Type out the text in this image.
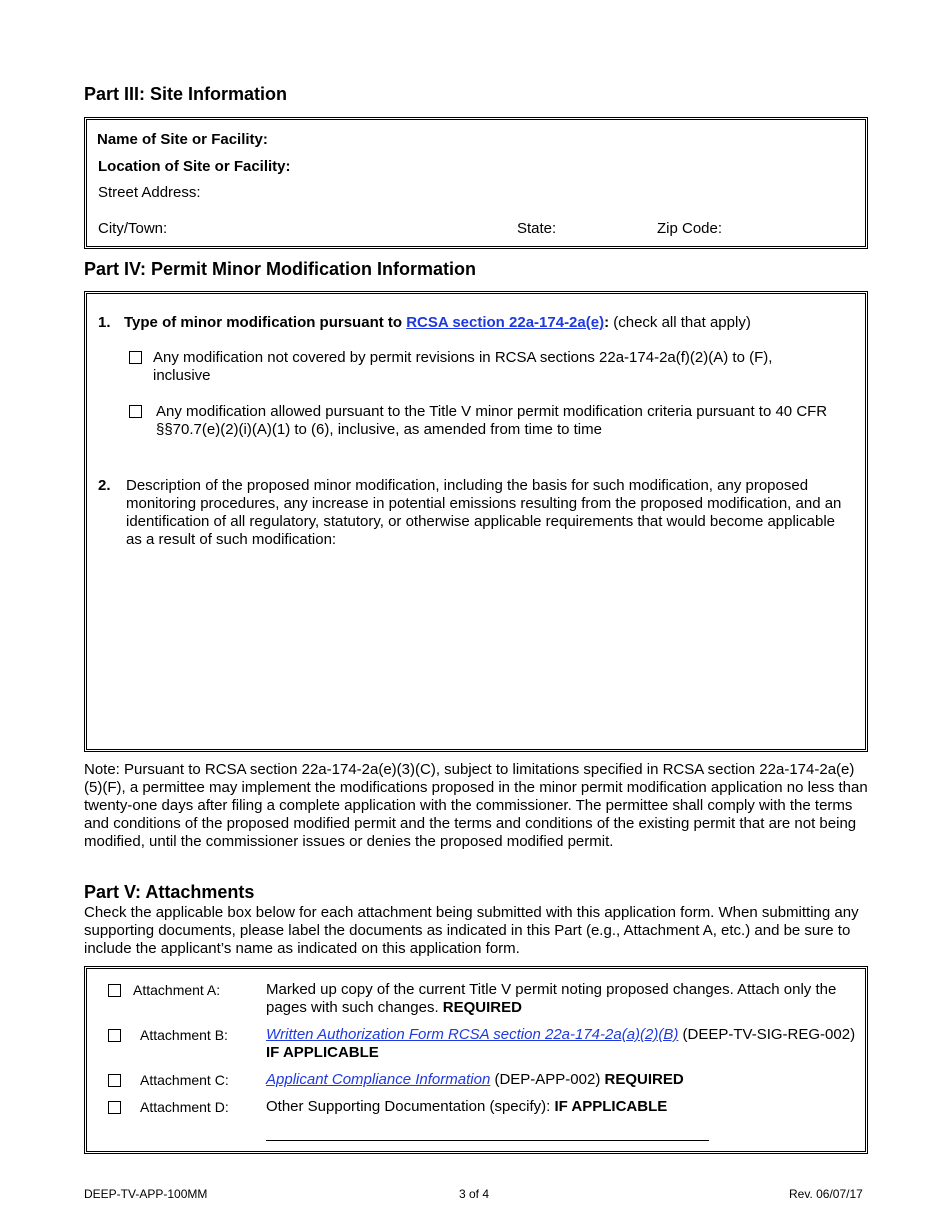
Part III: Site Information
Name of Site or Facility:
Location of Site or Facility:
Street Address:
City/Town:	State:	Zip Code:
Part IV: Permit Minor Modification Information
1. Type of minor modification pursuant to RCSA section 22a-174-2a(e): (check all that apply)
Any modification not covered by permit revisions in RCSA sections 22a-174-2a(f)(2)(A) to (F), inclusive
Any modification allowed pursuant to the Title V minor permit modification criteria pursuant to 40 CFR §§70.7(e)(2)(i)(A)(1) to (6), inclusive, as amended from time to time
2. Description of the proposed minor modification, including the basis for such modification, any proposed monitoring procedures, any increase in potential emissions resulting from the proposed modification, and an identification of all regulatory, statutory, or otherwise applicable requirements that would become applicable as a result of such modification:
Note: Pursuant to RCSA section 22a-174-2a(e)(3)(C), subject to limitations specified in RCSA section 22a-174-2a(e)(5)(F), a permittee may implement the modifications proposed in the minor permit modification application no less than twenty-one days after filing a complete application with the commissioner. The permittee shall comply with the terms and conditions of the proposed modified permit and the terms and conditions of the existing permit that are not being modified, until the commissioner issues or denies the proposed modified permit.
Part V: Attachments
Check the applicable box below for each attachment being submitted with this application form. When submitting any supporting documents, please label the documents as indicated in this Part (e.g., Attachment A, etc.) and be sure to include the applicant’s name as indicated on this application form.
Attachment A:	Marked up copy of the current Title V permit noting proposed changes. Attach only the pages with such changes. REQUIRED
Attachment B:	Written Authorization Form RCSA section 22a-174-2a(a)(2)(B) (DEEP-TV-SIG-REG-002) IF APPLICABLE
Attachment C: Applicant Compliance Information (DEP-APP-002) REQUIRED
Attachment D: Other Supporting Documentation (specify): IF APPLICABLE
DEEP-TV-APP-100MM	3 of 4	Rev. 06/07/17
